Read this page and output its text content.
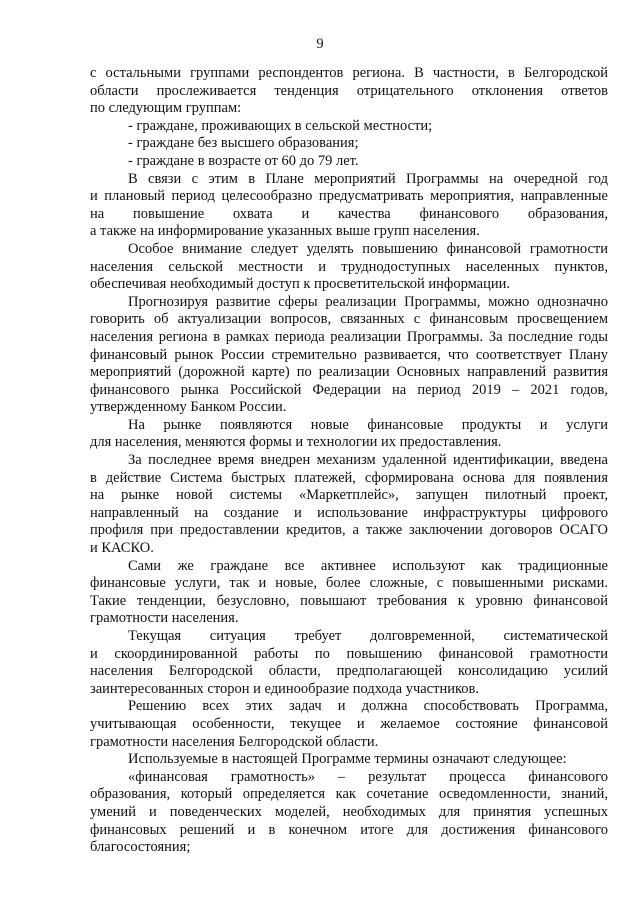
9
с остальными группами респондентов региона. В частности, в Белгородской
области прослеживается тенденция отрицательного отклонения ответов
по следующим группам:
- граждане, проживающих в сельской местности;
- граждане без высшего образования;
- граждане в возрасте от 60 до 79 лет.
В связи с этим в Плане мероприятий Программы на очередной год
и плановый период целесообразно предусматривать мероприятия, направленные
на повышение охвата и качества финансового образования,
а также на информирование указанных выше групп населения.
Особое внимание следует уделять повышению финансовой грамотности
населения сельской местности и труднодоступных населенных пунктов,
обеспечивая необходимый доступ к просветительской информации.
Прогнозируя развитие сферы реализации Программы, можно однозначно
говорить об актуализации вопросов, связанных с финансовым просвещением
населения региона в рамках периода реализации Программы. За последние годы
финансовый рынок России стремительно развивается, что соответствует Плану
мероприятий (дорожной карте) по реализации Основных направлений развития
финансового рынка Российской Федерации на период 2019 – 2021 годов,
утвержденному Банком России.
На рынке появляются новые финансовые продукты и услуги
для населения, меняются формы и технологии их предоставления.
За последнее время внедрен механизм удаленной идентификации, введена
в действие Система быстрых платежей, сформирована основа для появления
на рынке новой системы «Маркетплейс», запущен пилотный проект,
направленный на создание и использование инфраструктуры цифрового
профиля при предоставлении кредитов, а также заключении договоров ОСАГО
и КАСКО.
Сами же граждане все активнее используют как традиционные
финансовые услуги, так и новые, более сложные, с повышенными рисками.
Такие тенденции, безусловно, повышают требования к уровню финансовой
грамотности населения.
Текущая ситуация требует долговременной, систематической
и скоординированной работы по повышению финансовой грамотности
населения Белгородской области, предполагающей консолидацию усилий
заинтересованных сторон и единообразие подхода участников.
Решению всех этих задач и должна способствовать Программа,
учитывающая особенности, текущее и желаемое состояние финансовой
грамотности населения Белгородской области.
Используемые в настоящей Программе термины означают следующее:
«финансовая грамотность» – результат процесса финансового
образования, который определяется как сочетание осведомленности, знаний,
умений и поведенческих моделей, необходимых для принятия успешных
финансовых решений и в конечном итоге для достижения финансового
благосостояния;
